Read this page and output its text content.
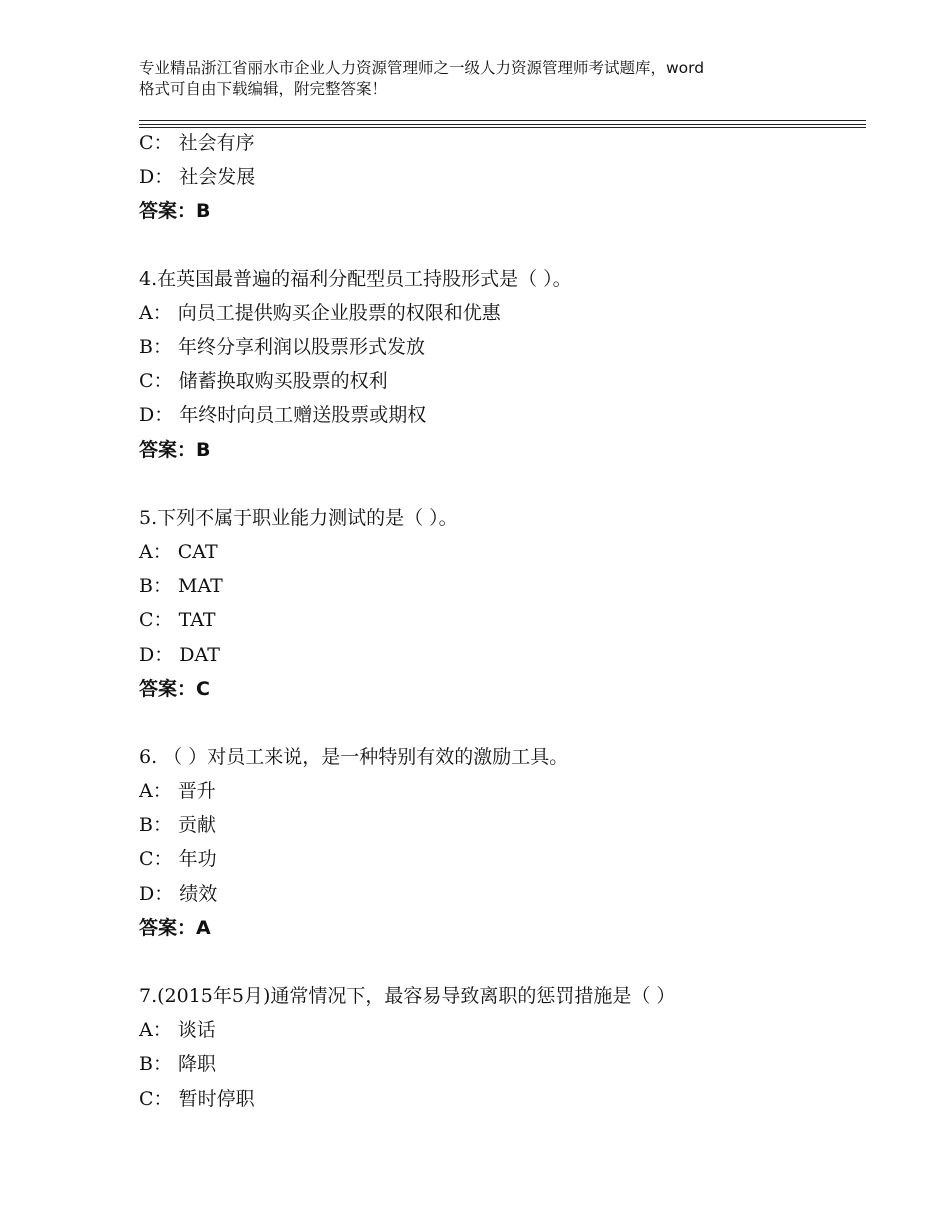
专业精品浙江省丽水市企业人力资源管理师之一级人力资源管理师考试题库，word
格式可自由下载编辑，附完整答案！
C： 社会有序
D： 社会发展
答案：B
4.在英国最普遍的福利分配型员工持股形式是（ ）。
A： 向员工提供购买企业股票的权限和优惠
B： 年终分享利润以股票形式发放
C： 储蓄换取购买股票的权利
D： 年终时向员工赠送股票或期权
答案：B
5.下列不属于职业能力测试的是（ ）。
A： CAT
B： MAT
C： TAT
D： DAT
答案：C
6. （ ）对员工来说，是一种特别有效的激励工具。
A： 晋升
B： 贡献
C： 年功
D： 绩效
答案：A
7.(2015年5月)通常情况下，最容易导致离职的惩罚措施是（ ）
A： 谈话
B： 降职
C： 暂时停职
